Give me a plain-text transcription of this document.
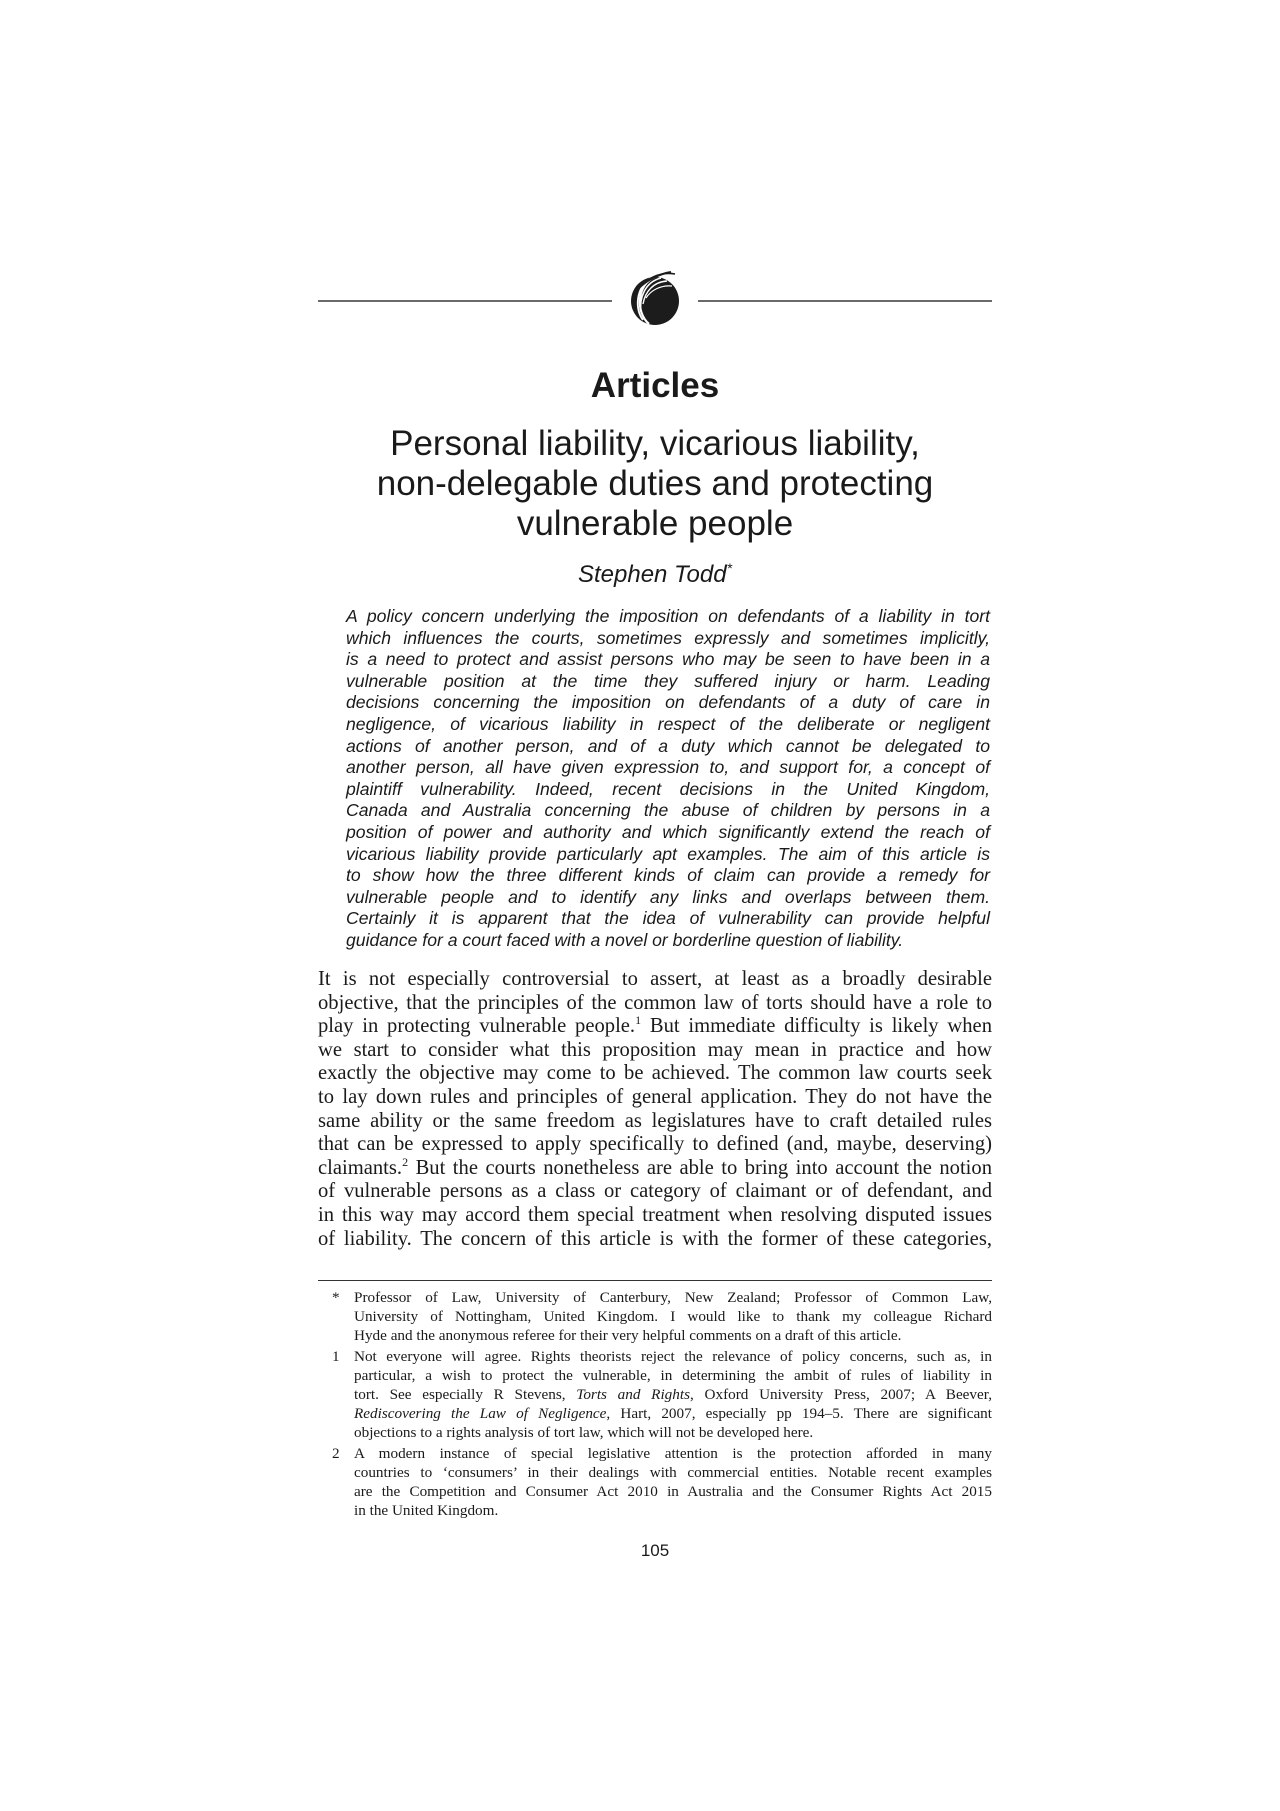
Articles
Personal liability, vicarious liability,
non-delegable duties and protecting
vulnerable people

Stephen Todd*

A policy concern underlying the imposition on defendants of a liability in tort
which influences the courts, sometimes expressly and sometimes implicitly,
is a need to protect and assist persons who may be seen to have been in a
vulnerable position at the time they suffered injury or harm. Leading
decisions concerning the imposition on defendants of a duty of care in
negligence, of vicarious liability in respect of the deliberate or negligent
actions of another person, and of a duty which cannot be delegated to
another person, all have given expression to, and support for, a concept of
plaintiff vulnerability. Indeed, recent decisions in the United Kingdom,
Canada and Australia concerning the abuse of children by persons in a
position of power and authority and which significantly extend the reach of
vicarious liability provide particularly apt examples. The aim of this article is
to show how the three different kinds of claim can provide a remedy for
vulnerable people and to identify any links and overlaps between them.
Certainly it is apparent that the idea of vulnerability can provide helpful
guidance for a court faced with a novel or borderline question of liability.
It is not especially controversial to assert, at least as a broadly desirable
objective, that the principles of the common law of torts should have a role to
play in protecting vulnerable people.$^1$ But immediate difficulty is likely when
we start to consider what this proposition may mean in practice and how
exactly the objective may come to be achieved. The common law courts seek
to lay down rules and principles of general application. They do not have the
same ability or the same freedom as legislatures have to craft detailed rules
that can be expressed to apply specifically to defined (and, maybe, deserving)
claimants.$^2$ But the courts nonetheless are able to bring into account the notion
of vulnerable persons as a class or category of claimant or of defendant, and
in this way may accord them special treatment when resolving disputed issues
of liability. The concern of this article is with the former of these categories,
* Professor of Law, University of Canterbury, New Zealand; Professor of Common Law,
University of Nottingham, United Kingdom. I would like to thank my colleague Richard
Hyde and the anonymous referee for their very helpful comments on a draft of this article.
1 Not everyone will agree. Rights theorists reject the relevance of policy concerns, such as, in
particular, a wish to protect the vulnerable, in determining the ambit of rules of liability in
tort. See especially R Stevens, Torts and Rights, Oxford University Press, 2007; A Beever,
Rediscovering the Law of Negligence, Hart, 2007, especially pp 194–5. There are significant
objections to a rights analysis of tort law, which will not be developed here.
2 A modern instance of special legislative attention is the protection afforded in many
countries to ‘consumers’ in their dealings with commercial entities. Notable recent examples
are the Competition and Consumer Act 2010 in Australia and the Consumer Rights Act 2015
in the United Kingdom.
105
